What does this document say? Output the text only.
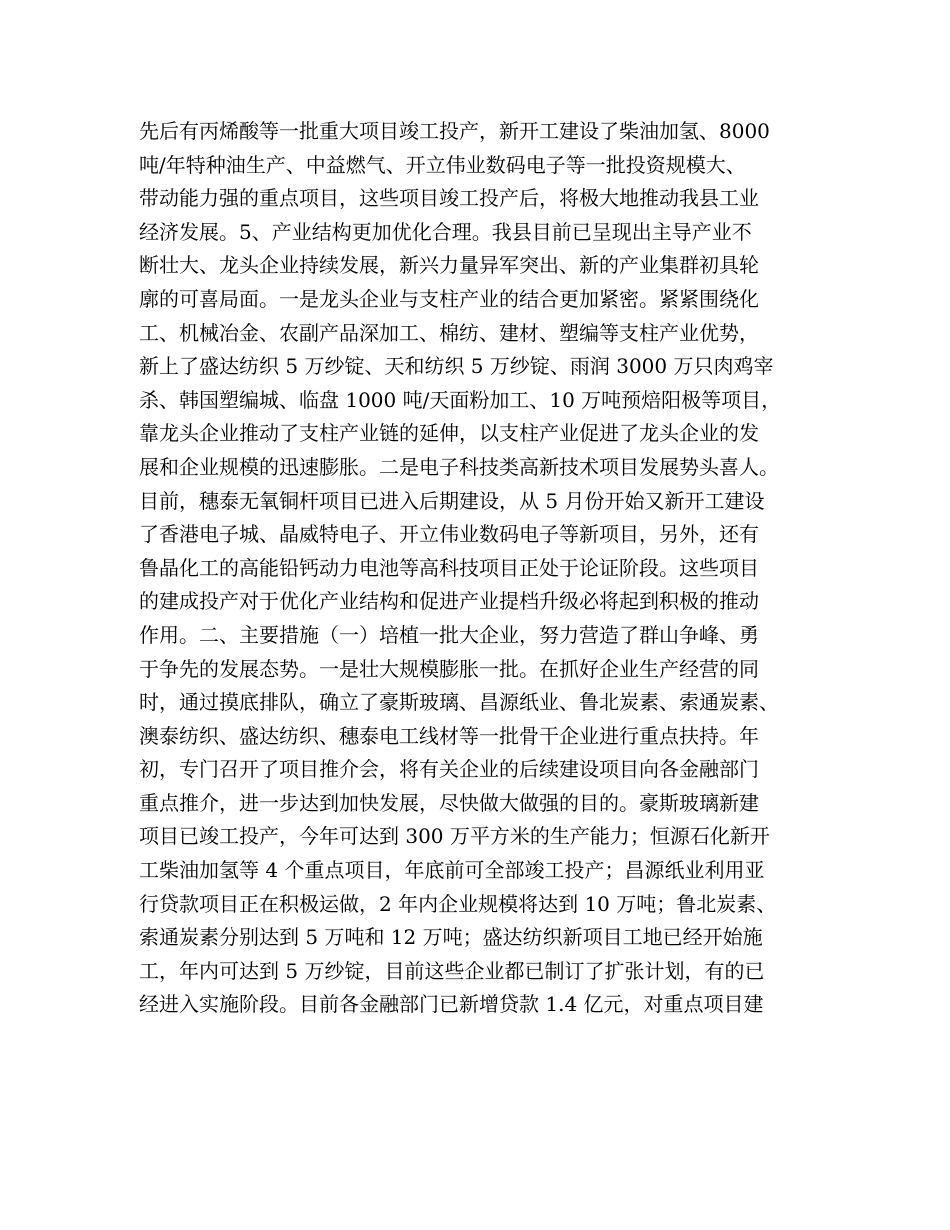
先后有丙烯酸等一批重大项目竣工投产，新开工建设了柴油加氢、8000
吨/年特种油生产、中益燃气、开立伟业数码电子等一批投资规模大、
带动能力强的重点项目，这些项目竣工投产后，将极大地推动我县工业
经济发展。5、产业结构更加优化合理。我县目前已呈现出主导产业不
断壮大、龙头企业持续发展，新兴力量异军突出、新的产业集群初具轮
廓的可喜局面。一是龙头企业与支柱产业的结合更加紧密。紧紧围绕化
工、机械冶金、农副产品深加工、棉纺、建材、塑编等支柱产业优势，
新上了盛达纺织 5 万纱锭、天和纺织 5 万纱锭、雨润 3000 万只肉鸡宰
杀、韩国塑编城、临盘 1000 吨/天面粉加工、10 万吨预焙阳极等项目，
靠龙头企业推动了支柱产业链的延伸，以支柱产业促进了龙头企业的发
展和企业规模的迅速膨胀。二是电子科技类高新技术项目发展势头喜人。
目前，穗泰无氧铜杆项目已进入后期建设，从 5 月份开始又新开工建设
了香港电子城、晶威特电子、开立伟业数码电子等新项目，另外，还有
鲁晶化工的高能铅钙动力电池等高科技项目正处于论证阶段。这些项目
的建成投产对于优化产业结构和促进产业提档升级必将起到积极的推动
作用。二、主要措施（一）培植一批大企业，努力营造了群山争峰、勇
于争先的发展态势。一是壮大规模膨胀一批。在抓好企业生产经营的同
时，通过摸底排队，确立了豪斯玻璃、昌源纸业、鲁北炭素、索通炭素、
澳泰纺织、盛达纺织、穗泰电工线材等一批骨干企业进行重点扶持。年
初，专门召开了项目推介会，将有关企业的后续建设项目向各金融部门
重点推介，进一步达到加快发展，尽快做大做强的目的。豪斯玻璃新建
项目已竣工投产，今年可达到 300 万平方米的生产能力；恒源石化新开
工柴油加氢等 4 个重点项目，年底前可全部竣工投产；昌源纸业利用亚
行贷款项目正在积极运做，2 年内企业规模将达到 10 万吨；鲁北炭素、
索通炭素分别达到 5 万吨和 12 万吨；盛达纺织新项目工地已经开始施
工，年内可达到 5 万纱锭，目前这些企业都已制订了扩张计划，有的已
经进入实施阶段。目前各金融部门已新增贷款 1.4 亿元，对重点项目建
